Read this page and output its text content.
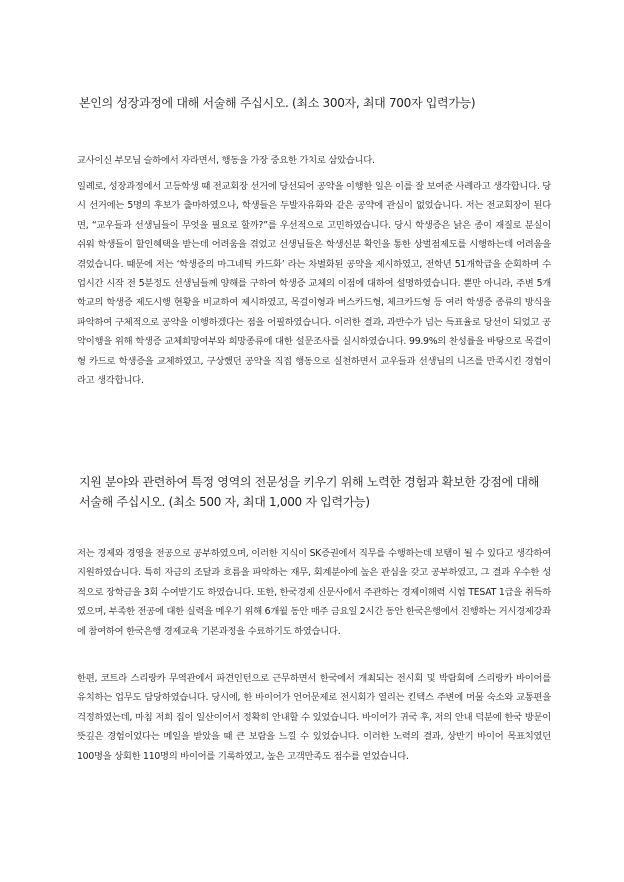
본인의 성장과정에 대해 서술해 주십시오. (최소 300자, 최대 700자 입력가능)

교사이신 부모님 슬하에서 자라면서, 행동을 가장 중요한 가치로 삼았습니다.

일례로, 성장과정에서 고등학생 때 전교회장 선거에 당선되어 공약을 이행한 일은 이를 잘 보여준 사례라고 생각합니다. 당시 선거에는 5명의 후보가 출마하였으나, 학생들은 두발자유화와 같은 공약에 관심이 없었습니다. 저는 전교회장이 된다면, “교우들과 선생님들이 무엇을 필요로 할까?”를 우선적으로 고민하였습니다. 당시 학생증은 낡은 종이 재질로 분실이 쉬워 학생들이 할인혜택을 받는데 어려움을 겪었고 선생님들은 학생신분 확인을 통한 상벌점제도를 시행하는데 어려움을 겪었습니다. 때문에 저는 ‘학생증의 마그네틱 카드화’ 라는 차별화된 공약을 제시하였고, 전학년 51개학급을 순회하며 수업시간 시작 전 5분정도 선생님들께 양해를 구하여 학생증 교체의 이점에 대하여 설명하였습니다. 뿐만 아니라, 주변 5개 학교의 학생증 제도시행 현황을 비교하여 제시하였고, 목걸이형과 버스카드형, 체크카드형 등 여러 학생증 종류의 방식을 파악하여 구체적으로 공약을 이행하겠다는 점을 어필하였습니다. 이러한 결과, 과반수가 넘는 득표율로 당선이 되었고 공약이행을 위해 학생증 교체희망여부와 희망종류에 대한 설문조사를 실시하였습니다. 99.9%의 찬성률을 바탕으로 목걸이형 카드로 학생증을 교체하였고, 구상했던 공약을 직접 행동으로 실천하면서 교우들과 선생님의 니즈를 만족시킨 경험이라고 생각합니다.

지원 분야와 관련하여 특정 영역의 전문성을 키우기 위해 노력한 경험과 확보한 강점에 대해 서술해 주십시오. (최소 500 자, 최대 1,000 자 입력가능)

저는 경제와 경영을 전공으로 공부하였으며, 이러한 지식이 SK증권에서 직무를 수행하는데 보탬이 될 수 있다고 생각하여 지원하였습니다. 특히 자금의 조달과 흐름을 파악하는 재무, 회계분야에 높은 관심을 갖고 공부하였고, 그 결과 우수한 성적으로 장학금을 3회 수여받기도 하였습니다. 또한, 한국경제 신문사에서 주관하는 경제이해력 시험 TESAT 1급을 취득하였으며, 부족한 전공에 대한 실력을 메우기 위해 6개월 동안 매주 금요일 2시간 동안 한국은행에서 진행하는 거시경제강좌에 참여하여 한국은행 경제교육 기본과정을 수료하기도 하였습니다.

한편, 코트라 스리랑카 무역관에서 파견인턴으로 근무하면서 한국에서 개최되는 전시회 및 박람회에 스리랑카 바이어를 유치하는 업무도 담당하였습니다. 당시에, 한 바이어가 언어문제로 전시회가 열리는 킨텍스 주변에 머물 숙소와 교통편을 걱정하였는데, 마침 저희 집이 일산이어서 정확히 안내할 수 있었습니다. 바이어가 귀국 후, 저의 안내 덕분에 한국 방문이 뜻깊은 경험이었다는 메일을 받았을 때 큰 보람을 느낄 수 있었습니다. 이러한 노력의 결과, 상반기 바이어 목표치였던 100명을 상회한 110명의 바이어를 기록하였고, 높은 고객만족도 점수를 얻었습니다.
